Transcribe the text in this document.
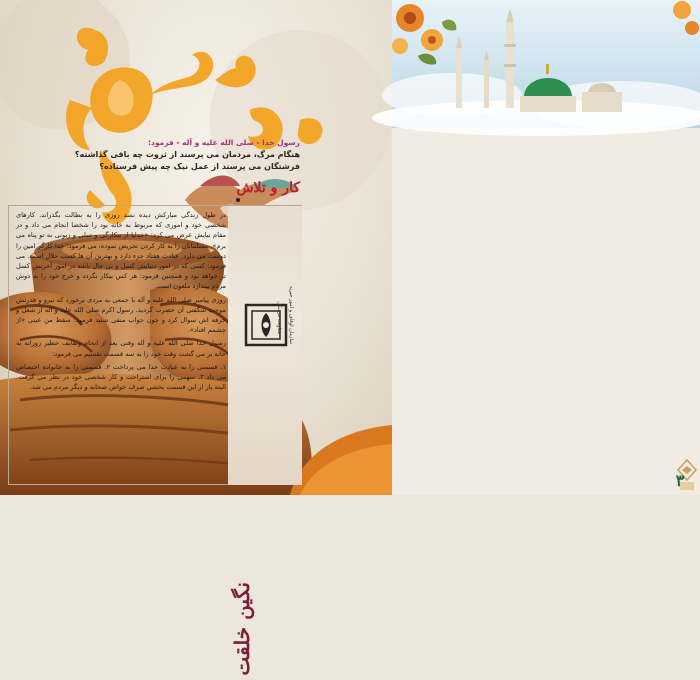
رسول خدا - صلی الله علیه و آله - فرمود:
هنگام مرگ، مردمان می پرسند از ثروت چه باقی گذاشته؟
فرشتگان می پرسند از عمل نیک چه پیش فرستاده؟
کار و تلاش

در طول زندگی مبارکش دیده نشد روزی را به بطالت بگذراند. کارهای شخصی خود و اموری که مربوط به خانه بود را شخصا انجام می داد و در مقام نیایش عرض می کرد: «خدایا از بیکارگی و تنبلی و زبونی به تو پناه می برم». مسلمانان را به کار کردن تحریض نموده، می فرمود: خدا کارگر امین را دوست می دارد. عبادت هفتاد جزء دارد و بهترین آن ها کسب حلال است. می فرمود: کسی که در امور دنیایش کسل و بی حال باشد در امور آخرتش کسل تر خواهد بود و همچنین فرمود: هر کس بیکار بگردد و خرج خود را به دوش مردم بیندازد ملعون است.

روزی پیامبر صلی الله علیه و آله با جمعی به مردی برخورد که نیرو و قدرتش موجب شگفتی آن حضرت گردید. رسول اکرم صلی الله علیه و آله از شغل و حرفه اش سوال کرد و چون جواب منفی شنید فرمود: سقط من عینی «از چشمم افتاد».

رسول خدا صلی الله علیه و آله وقتی بعد از انجام وظایف خطیر روزانه به خانه بر می گشت وقت خود را به سه قسمت تقسیم می فرمود:

۱. قسمتی را به عبادت خدا می پرداخت ۲. قسمتی را به خانواده اختصاص می داد ۳. سهمی را برای استراحت و کار شخصی خود در نظر می گرفت. البته باز از این قسمت بخشی صرف خواص صحابه و دیگر مردم می شد.

سازمان اوقاف و امور خیریه
معاونت فرهنگی
نگین خلقت
۳
